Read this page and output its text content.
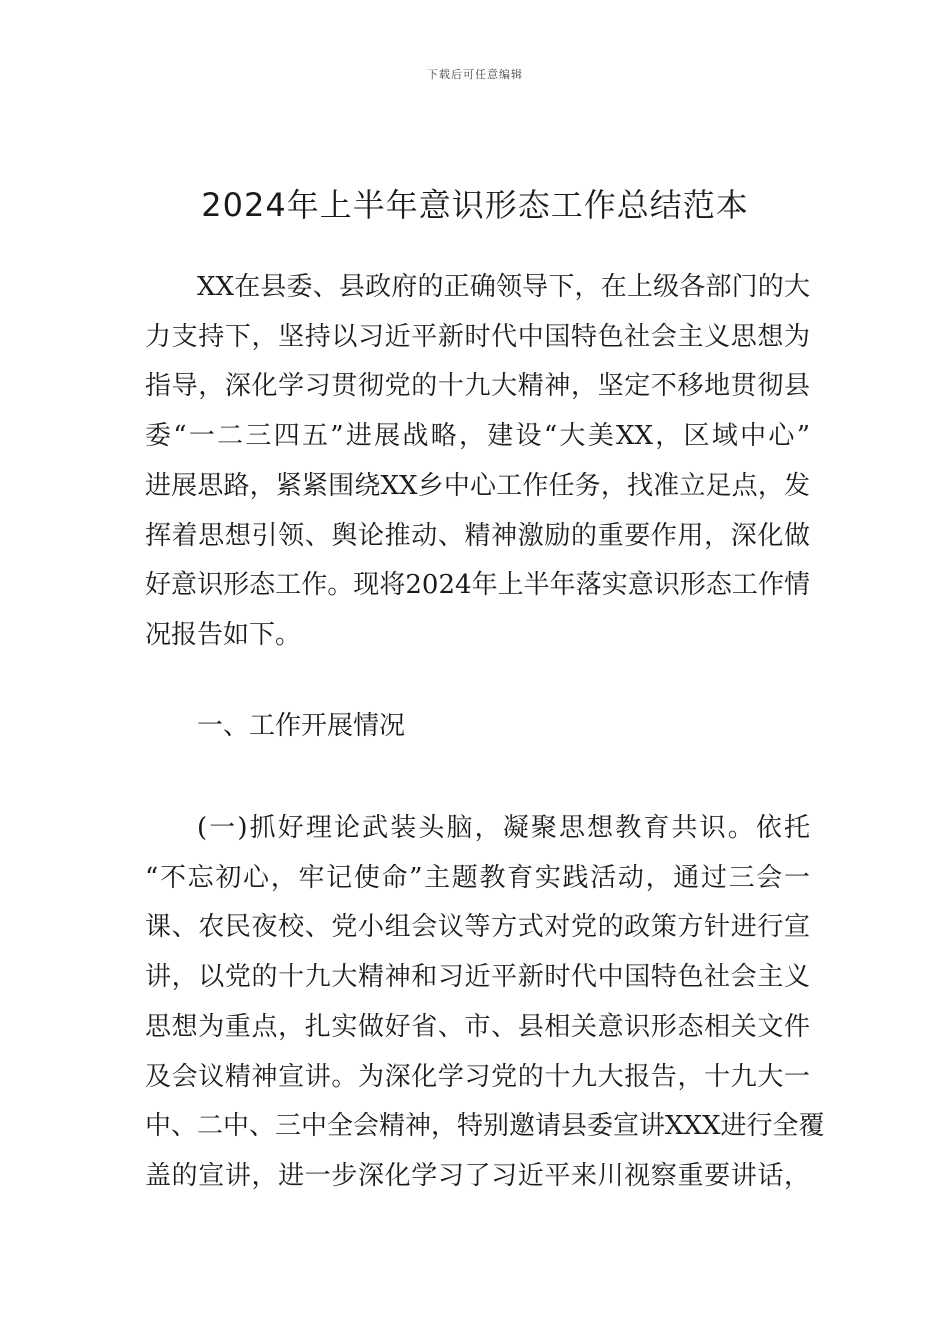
下载后可任意编辑
2024年上半年意识形态工作总结范本

XX在县委、县政府的正确领导下，在上级各部门的大

力支持下，坚持以习近平新时代中国特色社会主义思想为

指导，深化学习贯彻党的十九大精神，坚定不移地贯彻县

委“一二三四五”进展战略，建设“大美XX，区域中心”

进展思路，紧紧围绕XX乡中心工作任务，找准立足点，发

挥着思想引领、舆论推动、精神激励的重要作用，深化做

好意识形态工作。现将2024年上半年落实意识形态工作情

况报告如下。

一、工作开展情况

(一)抓好理论武装头脑，凝聚思想教育共识。依托

“不忘初心，牢记使命”主题教育实践活动，通过三会一

课、农民夜校、党小组会议等方式对党的政策方针进行宣

讲，以党的十九大精神和习近平新时代中国特色社会主义

思想为重点，扎实做好省、市、县相关意识形态相关文件

及会议精神宣讲。为深化学习党的十九大报告，十九大一

中、二中、三中全会精神，特别邀请县委宣讲XXX进行全覆

盖的宣讲，进一步深化学习了习近平来川视察重要讲话，
